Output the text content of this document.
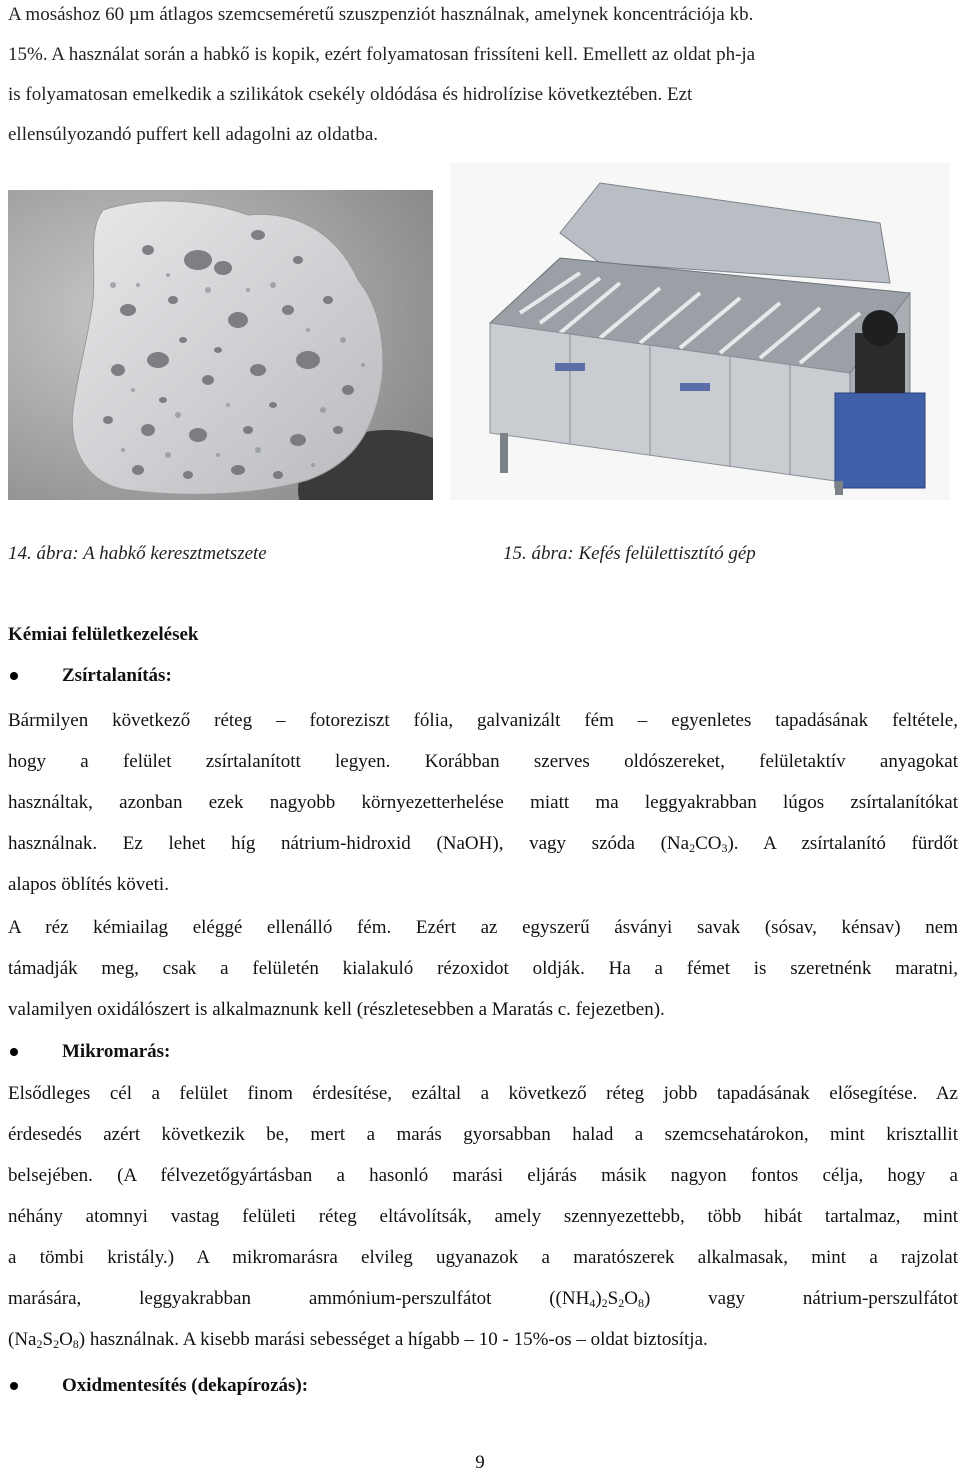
A mosáshoz 60 µm átlagos szemcseméretű szuszpenziót használnak, amelynek koncentrációja kb.
15%. A használat során a habkő is kopik, ezért folyamatosan frissíteni kell. Emellett az oldat ph-ja
is folyamatosan emelkedik a szilikátok csekély oldódása és hidrolízise következtében. Ezt
ellensúlyozandó puffert kell adagolni az oldatba.
14. ábra: A habkő keresztmetszete	15. ábra: Kefés felülettisztító gép
Kémiai felületkezelések
Zsírtalanítás:
Bármilyen következő réteg – fotoreziszt fólia, galvanizált fém – egyenletes tapadásának feltétele,
hogy a felület zsírtalanított legyen. Korábban szerves oldószereket, felületaktív anyagokat
használtak, azonban ezek nagyobb környezetterhelése miatt ma leggyakrabban lúgos zsírtalanítókat
használnak. Ez lehet híg nátrium-hidroxid (NaOH), vagy szóda $(Na_2CO_3)$. A zsírtalanító fürdőt
alapos öblítés követi.
A réz kémiailag eléggé ellenálló fém. Ezért az egyszerű ásványi savak (sósav, kénsav) nem
támadják meg, csak a felületén kialakuló rézoxidot oldják. Ha a fémet is szeretnénk maratni,
valamilyen oxidálószert is alkalmaznunk kell (részletesebben a Maratás c. fejezetben).
Mikromarás:
Elsődleges cél a felület finom érdesítése, ezáltal a következő réteg jobb tapadásának elősegítése. Az
érdesedés azért következik be, mert a marás gyorsabban halad a szemcsehatárokon, mint krisztallit
belsejében. (A félvezetőgyártásban a hasonló marási eljárás másik nagyon fontos célja, hogy a
néhány atomnyi vastag felületi réteg eltávolítsák, amely szennyezettebb, több hibát tartalmaz, mint
a tömbi kristály.) A mikromarásra elvileg ugyanazok a maratószerek alkalmasak, mint a rajzolat
marására, leggyakrabban ammónium-perszulfátot $((NH_4)_2S_2O_8)$ vagy nátrium-perszulfátot
$(Na_2S_2O_8)$ használnak. A kisebb marási sebességet a hígabb – 10 - 15%-os – oldat biztosítja.
Oxidmentesítés (dekapírozás):
9
